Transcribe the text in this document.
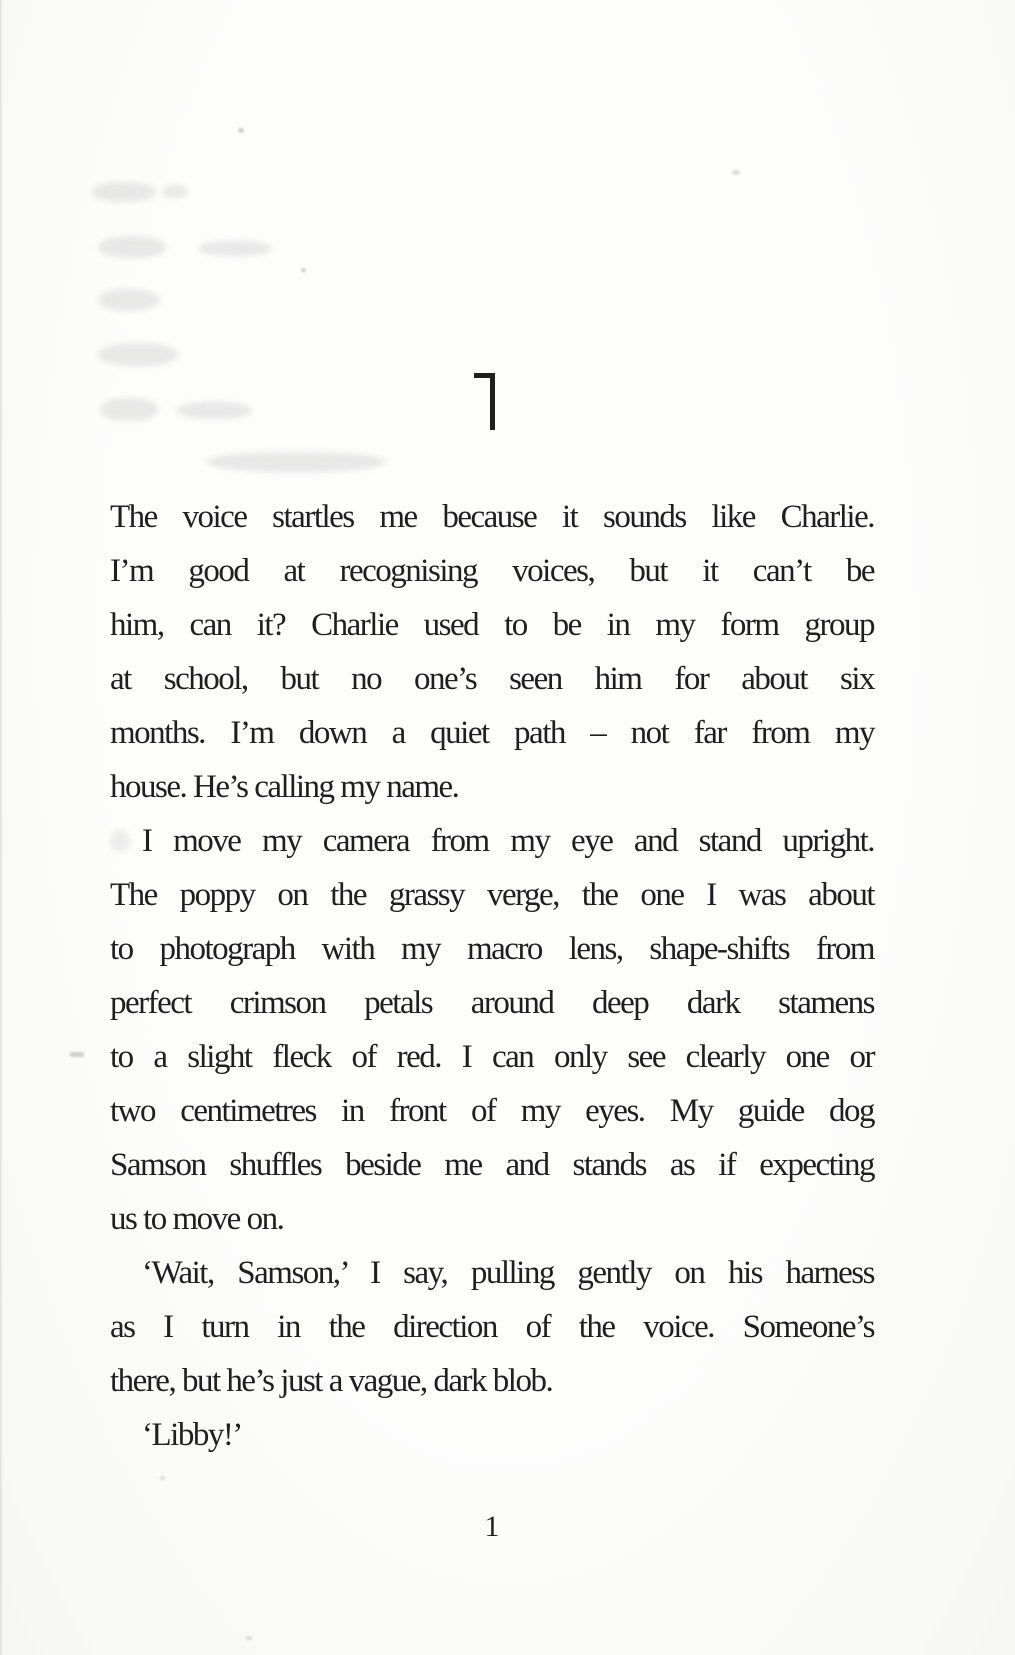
The voice startles me because it sounds like Charlie.
I’m good at recognising voices, but it can’t be
him, can it? Charlie used to be in my form group
at school, but no one’s seen him for about six
months. I’m down a quiet path – not far from my
house. He’s calling my name.
I move my camera from my eye and stand upright.
The poppy on the grassy verge, the one I was about
to photograph with my macro lens, shape-shifts from
perfect crimson petals around deep dark stamens
to a slight fleck of red. I can only see clearly one or
two centimetres in front of my eyes. My guide dog
Samson shuffles beside me and stands as if expecting
us to move on.
‘Wait, Samson,’ I say, pulling gently on his harness
as I turn in the direction of the voice. Someone’s
there, but he’s just a vague, dark blob.
‘Libby!’
1
